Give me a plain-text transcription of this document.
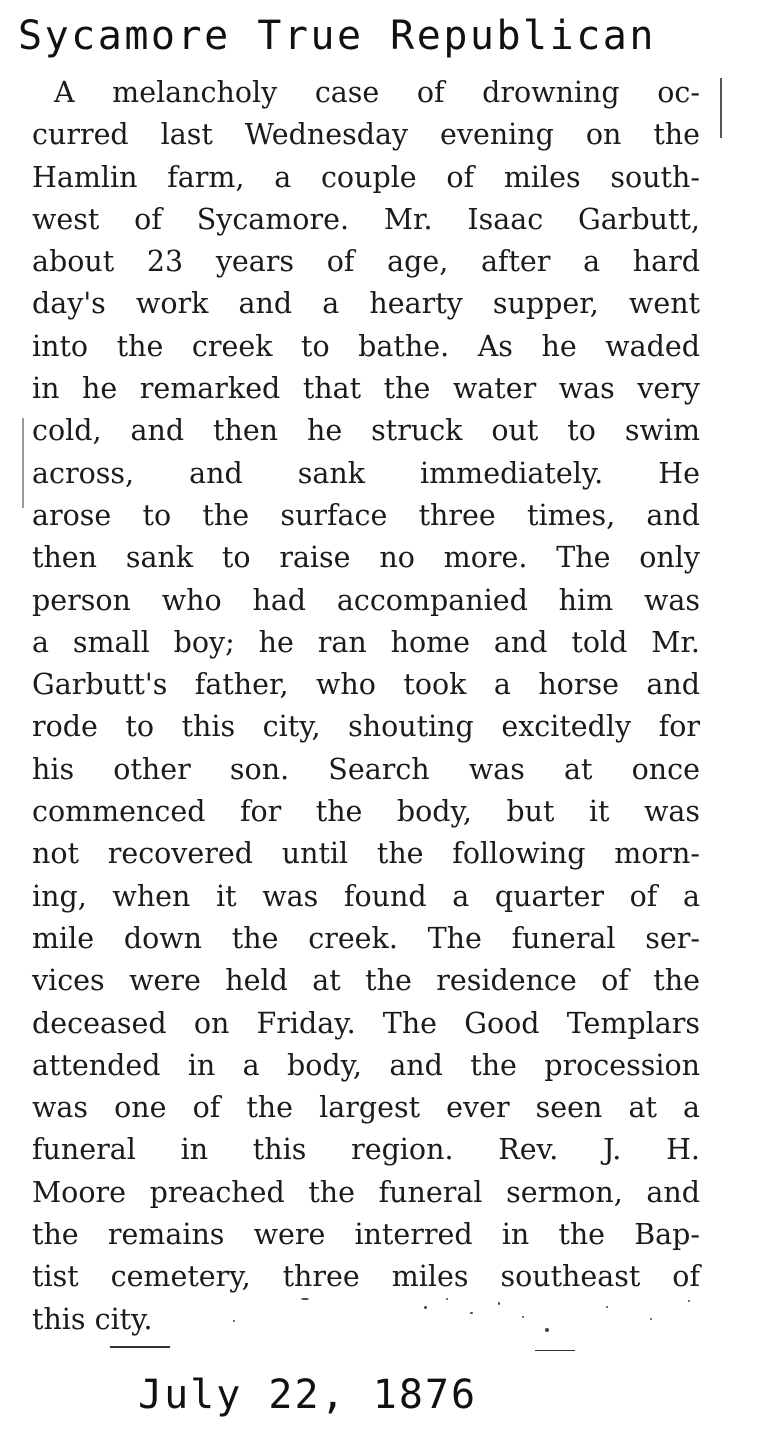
Sycamore True Republican
A melancholy case of drowning oc-
curred last Wednesday evening on the
Hamlin farm, a couple of miles south-
west of Sycamore. Mr. Isaac Garbutt,
about 23 years of age, after a hard
day's work and a hearty supper, went
into the creek to bathe. As he waded
in he remarked that the water was very
cold, and then he struck out to swim
across, and sank immediately. He
arose to the surface three times, and
then sank to raise no more. The only
person who had accompanied him was
a small boy; he ran home and told Mr.
Garbutt's father, who took a horse and
rode to this city, shouting excitedly for
his other son. Search was at once
commenced for the body, but it was
not recovered until the following morn-
ing, when it was found a quarter of a
mile down the creek. The funeral ser-
vices were held at the residence of the
deceased on Friday. The Good Templars
attended in a body, and the procession
was one of the largest ever seen at a
funeral in this region. Rev. J. H.
Moore preached the funeral sermon, and
the remains were interred in the Bap-
tist cemetery, three miles southeast of
this city.
July 22, 1876
